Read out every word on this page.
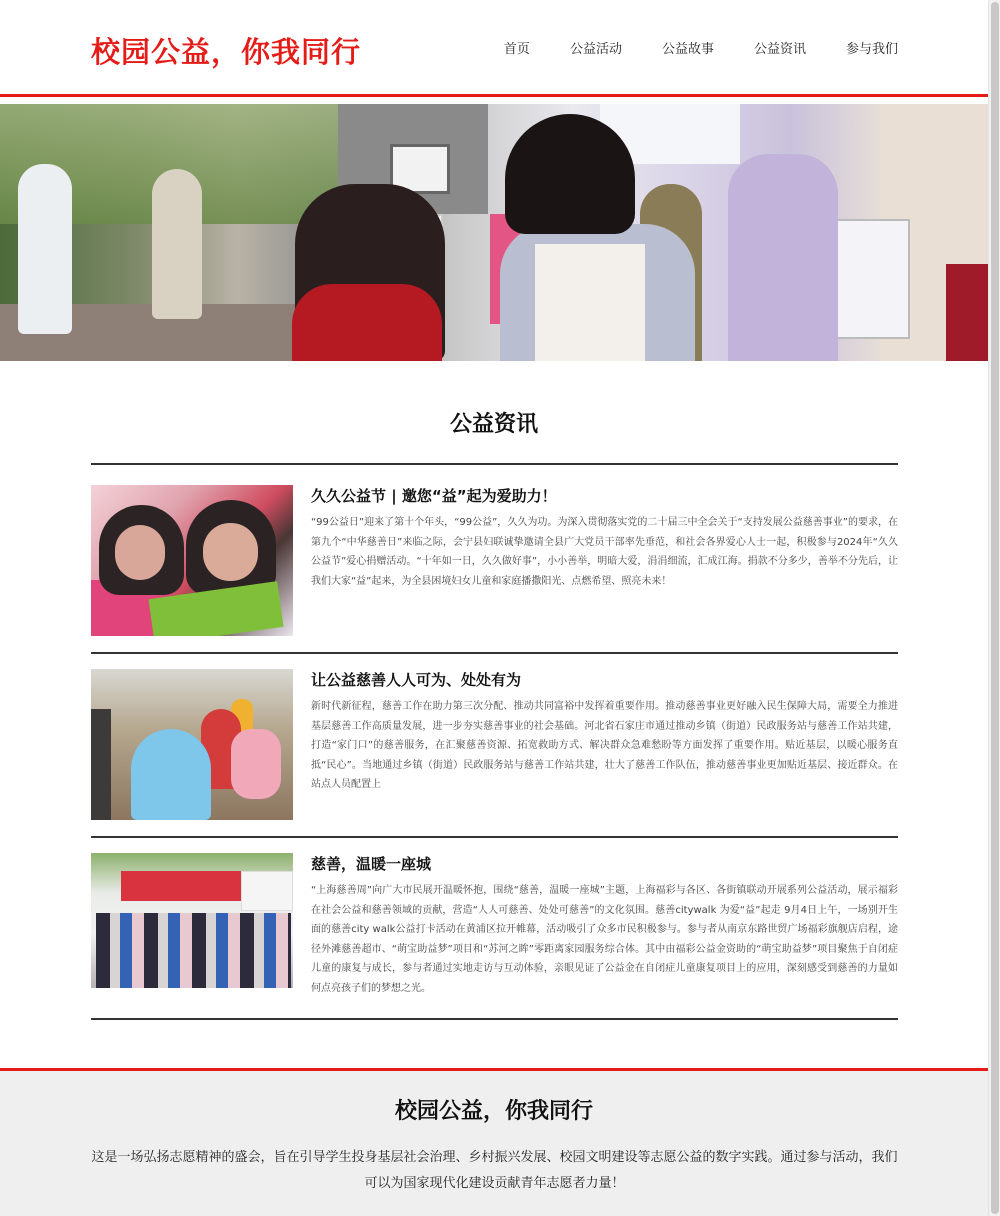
校园公益，你我同行	首页	公益活动	公益故事	公益资讯	参与我们
公益资讯
久久公益节 | 邀您“益”起为爱助力！
“99公益日”迎来了第十个年头，“99公益”，久久为功。为深入贯彻落实党的二十届三中全会关于“支持发展公益慈善事业”的要求，在第九个“中华慈善日”来临之际，会宁县妇联诚挚邀请全县广大党员干部率先垂范，和社会各界爱心人士一起，积极参与2024年“久久公益节”爱心捐赠活动。“十年如一日，久久做好事”，小小善举，明暗大爱，涓涓细流，汇成江海。捐款不分多少，善举不分先后，让我们大家“益”起来，为全县困境妇女儿童和家庭播撒阳光、点燃希望、照亮未来！
让公益慈善人人可为、处处有为
新时代新征程，慈善工作在助力第三次分配、推动共同富裕中发挥着重要作用。推动慈善事业更好融入民生保障大局，需要全力推进基层慈善工作高质量发展，进一步夯实慈善事业的社会基础。河北省石家庄市通过推动乡镇（街道）民政服务站与慈善工作站共建，打造“家门口”的慈善服务，在汇聚慈善资源、拓宽救助方式、解决群众急难愁盼等方面发挥了重要作用。贴近基层，以暖心服务直抵“民心”。当地通过乡镇（街道）民政服务站与慈善工作站共建，壮大了慈善工作队伍，推动慈善事业更加贴近基层、接近群众。在站点人员配置上
慈善，温暖一座城
“上海慈善周”向广大市民展开温暖怀抱，围绕“慈善，温暖一座城”主题，上海福彩与各区、各街镇联动开展系列公益活动，展示福彩在社会公益和慈善领域的贡献，营造“人人可慈善、处处可慈善”的文化氛围。慈善citywalk 为爱“益”起走 9月4日上午，一场别开生面的慈善city walk公益打卡活动在黄浦区拉开帷幕，活动吸引了众多市民积极参与。参与者从南京东路世贸广场福彩旗舰店启程，途径外滩慈善超市、“萌宝助益梦”项目和“苏河之眸”零距离家园服务综合体。其中由福彩公益金资助的“萌宝助益梦”项目聚焦于自闭症儿童的康复与成长，参与者通过实地走访与互动体验，亲眼见证了公益金在自闭症儿童康复项目上的应用，深刻感受到慈善的力量如何点亮孩子们的梦想之光。
校园公益，你我同行
这是一场弘扬志愿精神的盛会，旨在引导学生投身基层社会治理、乡村振兴发展、校园文明建设等志愿公益的数字实践。通过参与活动，我们可以为国家现代化建设贡献青年志愿者力量！
